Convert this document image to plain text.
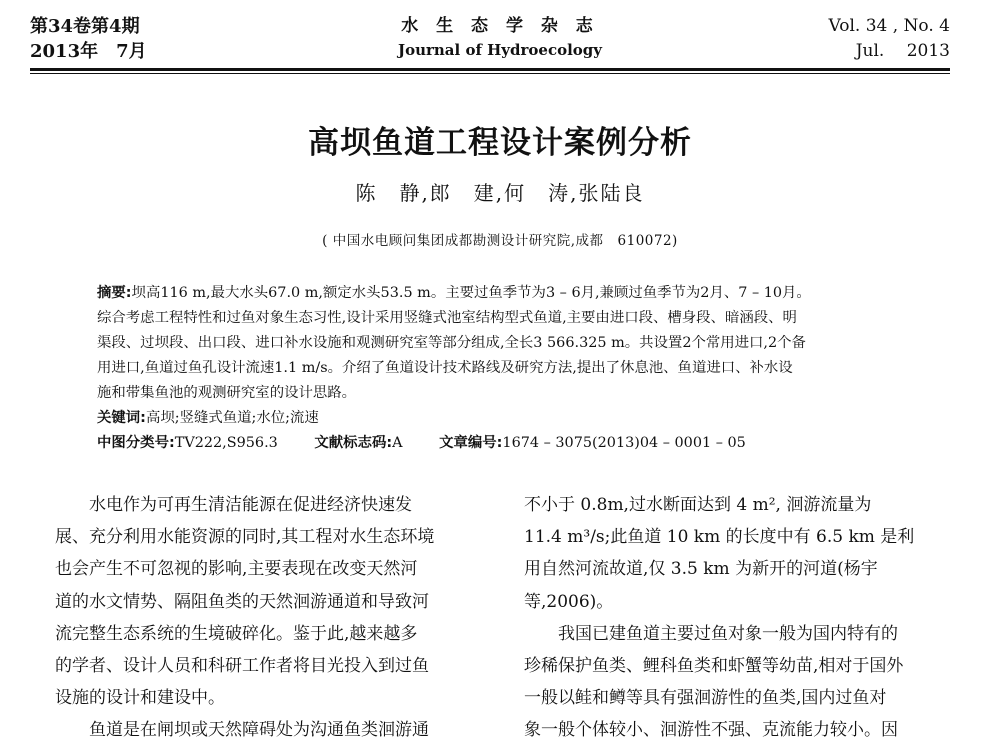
第34卷第4期
2013年　7月
水 生 态 学 杂 志
Journal of Hydroecology
Vol. 34 , No. 4
Jul.　 2013
高坝鱼道工程设计案例分析
陈　静,郎　建,何　涛,张陆良
( 中国水电顾问集团成都勘测设计研究院,成都　610072)

摘要:坝高116 m,最大水头67.0 m,额定水头53.5 m。主要过鱼季节为3 – 6月,兼顾过鱼季节为2月、7 – 10月。

综合考虑工程特性和过鱼对象生态习性,设计采用竖缝式池室结构型式鱼道,主要由进口段、槽身段、暗涵段、明

渠段、过坝段、出口段、进口补水设施和观测研究室等部分组成,全长3 566.325 m。共设置2个常用进口,2个备

用进口,鱼道过鱼孔设计流速1.1 m/s。介绍了鱼道设计技术路线及研究方法,提出了休息池、鱼道进口、补水设

施和带集鱼池的观测研究室的设计思路。

关键词:高坝;竖缝式鱼道;水位;流速

中图分类号:TV222,S956.3	文献标志码:A	文章编号:1674 – 3075(2013)04 – 0001 – 05

水电作为可再生清洁能源在促进经济快速发

展、充分利用水能资源的同时,其工程对水生态环境

也会产生不可忽视的影响,主要表现在改变天然河

道的水文情势、隔阻鱼类的天然洄游通道和导致河

流完整生态系统的生境破碎化。鉴于此,越来越多

的学者、设计人员和科研工作者将目光投入到过鱼

设施的设计和建设中。

鱼道是在闸坝或天然障碍处为沟通鱼类洄游通

不小于 0.8m,过水断面达到 4 m², 洄游流量为

11.4 m³/s;此鱼道 10 km 的长度中有 6.5 km 是利

用自然河流故道,仅 3.5 km 为新开的河道(杨宇

等,2006)。

我国已建鱼道主要过鱼对象一般为国内特有的

珍稀保护鱼类、鲤科鱼类和虾蟹等幼苗,相对于国外

一般以鲑和鳟等具有强洄游性的鱼类,国内过鱼对

象一般个体较小、洄游性不强、克流能力较小。因
